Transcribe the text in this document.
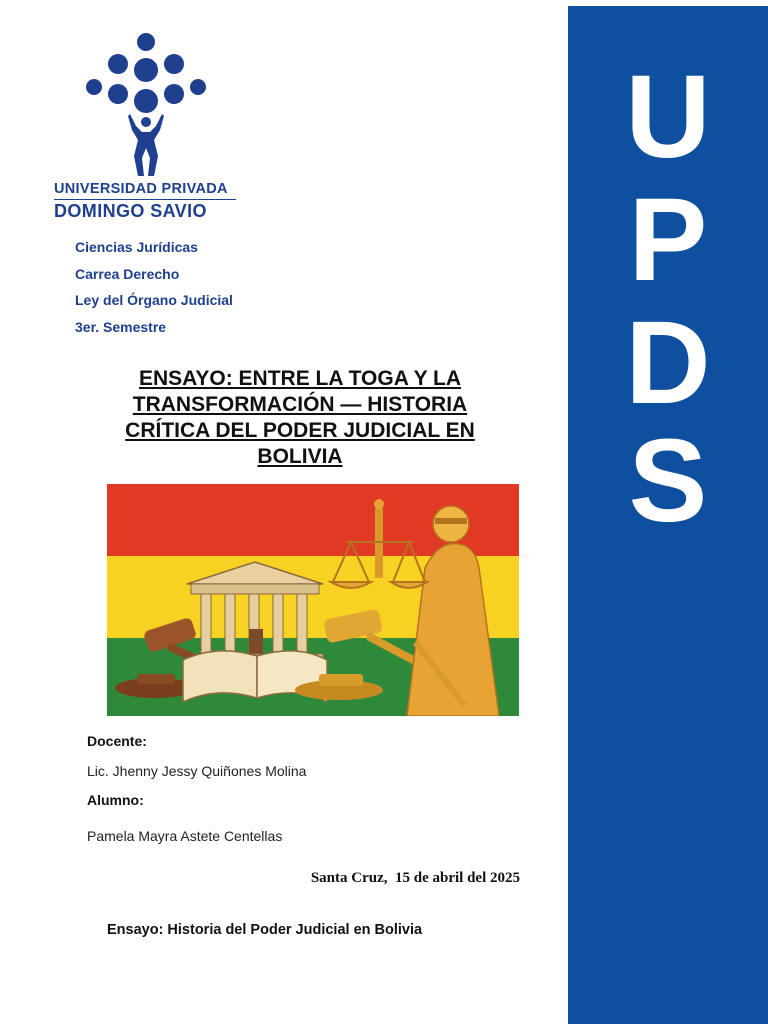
UNIVERSIDAD PRIVADA
DOMINGO SAVIO
Ciencias Jurídicas
Carrea Derecho
Ley del Órgano Judicial
3er. Semestre
ENSAYO: ENTRE LA TOGA Y LA TRANSFORMACIÓN — HISTORIA CRÍTICA DEL PODER JUDICIAL EN BOLIVIA
Docente:
Lic. Jhenny Jessy Quiñones Molina
Alumno:
Pamela Mayra Astete Centellas
Santa Cruz,  15 de abril del 2025
Ensayo: Historia del Poder Judicial en Bolivia
U
P
D
S
